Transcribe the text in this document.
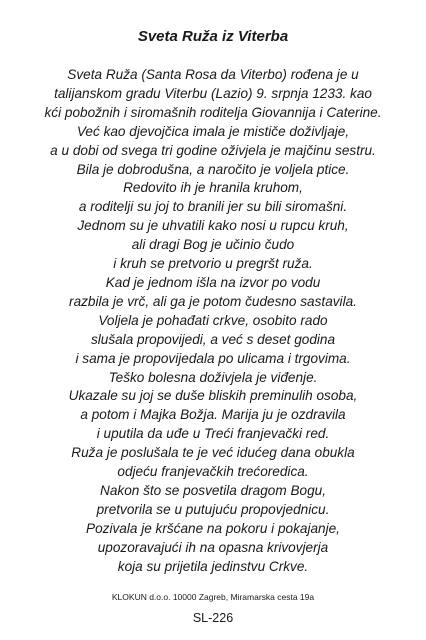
Sveta Ruža iz Viterba
Sveta Ruža (Santa Rosa da Viterbo) rođena je u
talijanskom gradu Viterbu (Lazio) 9. srpnja 1233. kao
kći pobožnih i siromašnih roditelja Giovannija i Caterine.
Već kao djevojčica imala je mističe doživljaje,
a u dobi od svega tri godine oživjela je majčinu sestru.
Bila je dobrodušna, a naročito je voljela ptice.
Redovito ih je hranila kruhom,
a roditelji su joj to branili jer su bili siromašni.
Jednom su je uhvatili kako nosi u rupcu kruh,
ali dragi Bog je učinio čudo
i kruh se pretvorio u pregršt ruža.
Kad je jednom išla na izvor po vodu
razbila je vrč, ali ga je potom čudesno sastavila.
Voljela je pohađati crkve, osobito rado
slušala propovijedi, a već s deset godina
i sama je propovijedala po ulicama i trgovima.
Teško bolesna doživjela je viđenje.
Ukazale su joj se duše bliskih preminulih osoba,
a potom i Majka Božja. Marija ju je ozdravila
i uputila da uđe u Treći franjevački red.
Ruža je poslušala te je već idućeg dana obukla
odjeću franjevačkih trećoredica.
Nakon što se posvetila dragom Bogu,
pretvorila se u putujuću propovjednicu.
Pozivala je kršćane na pokoru i pokajanje,
upozoravajući ih na opasna krivovjerja
koja su prijetila jedinstvu Crkve.
KLOKUN d.o.o. 10000 Zagreb, Miramarska cesta 19a
SL-226
